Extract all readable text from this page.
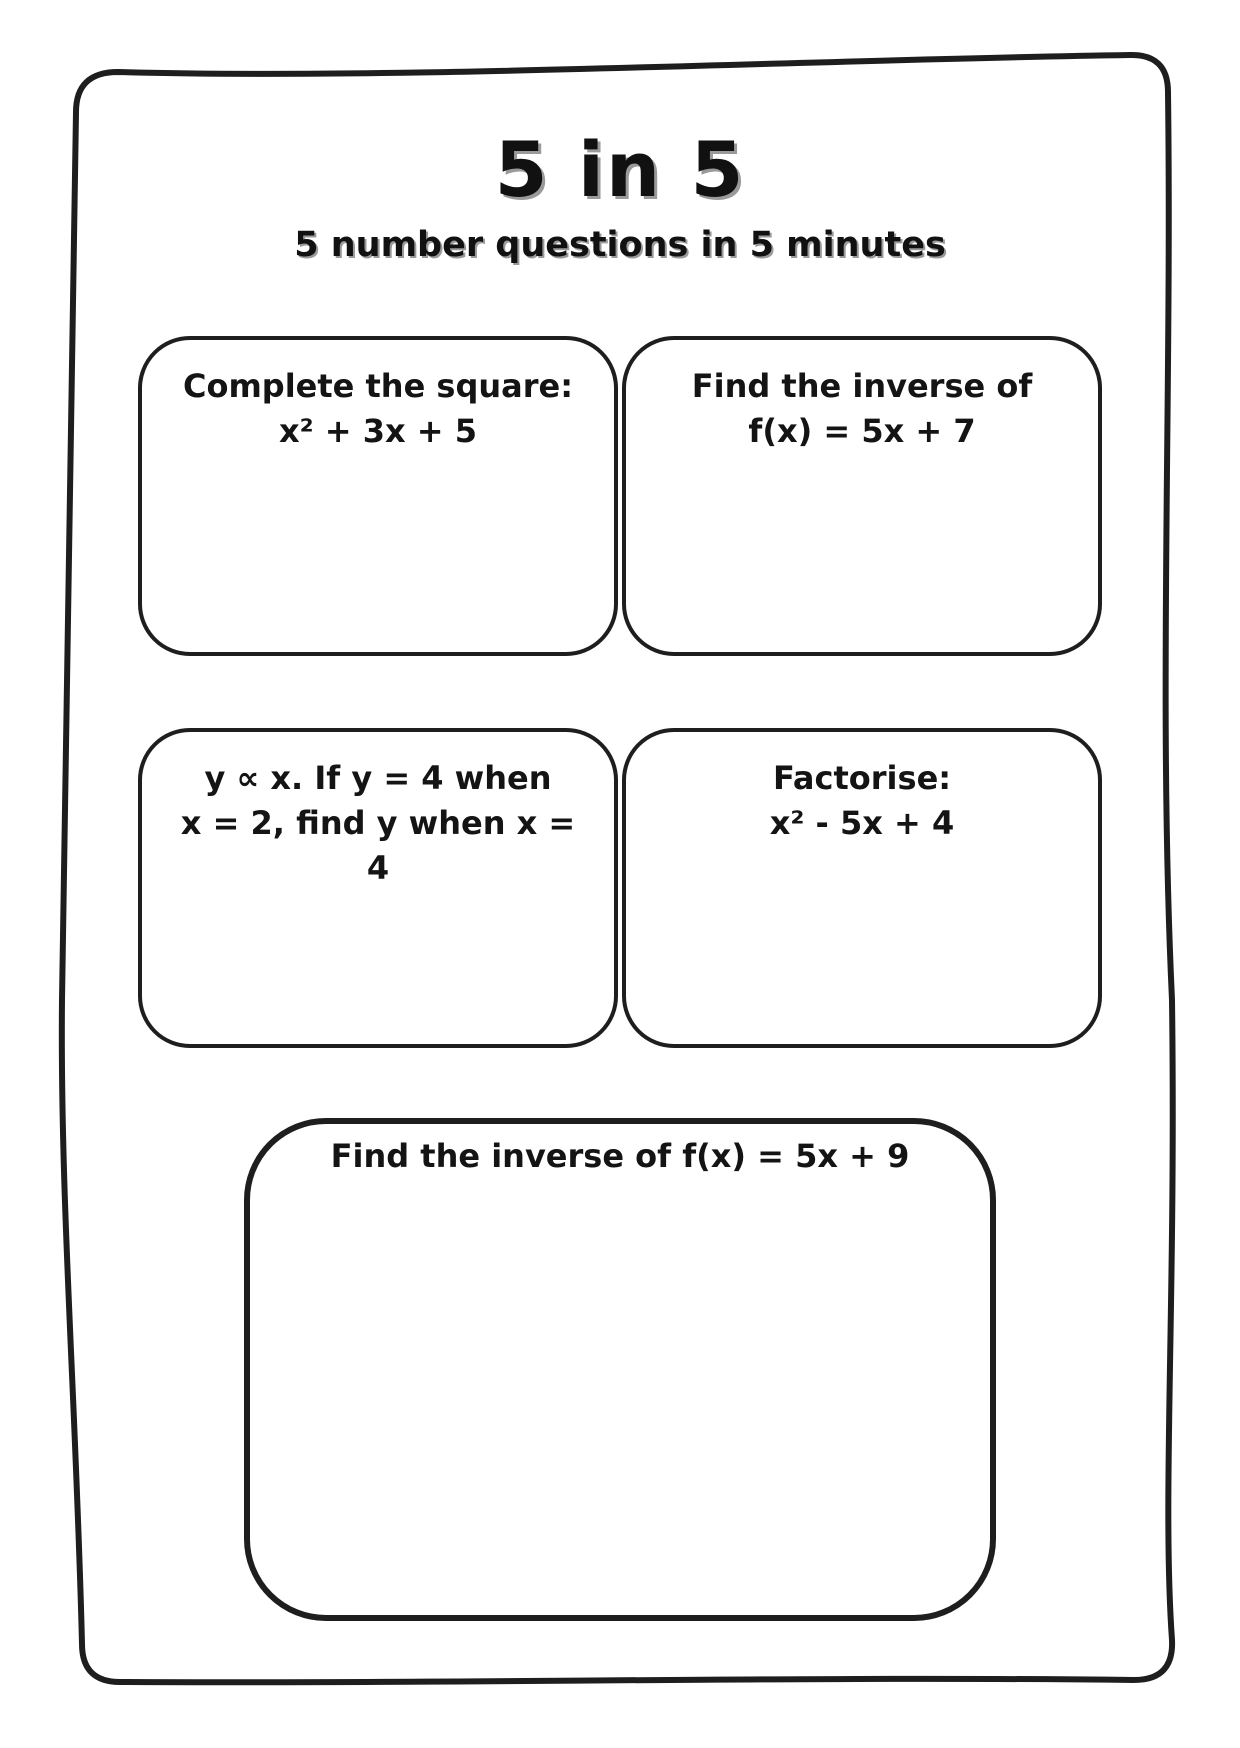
5 in 5
5 number questions in 5 minutes
Complete the square:
x² + 3x + 5
Find the inverse of
f(x) = 5x + 7
y ∝ x. If y = 4 when
x = 2, find y when x =
4
Factorise:
x² - 5x + 4
Find the inverse of f(x) = 5x + 9
